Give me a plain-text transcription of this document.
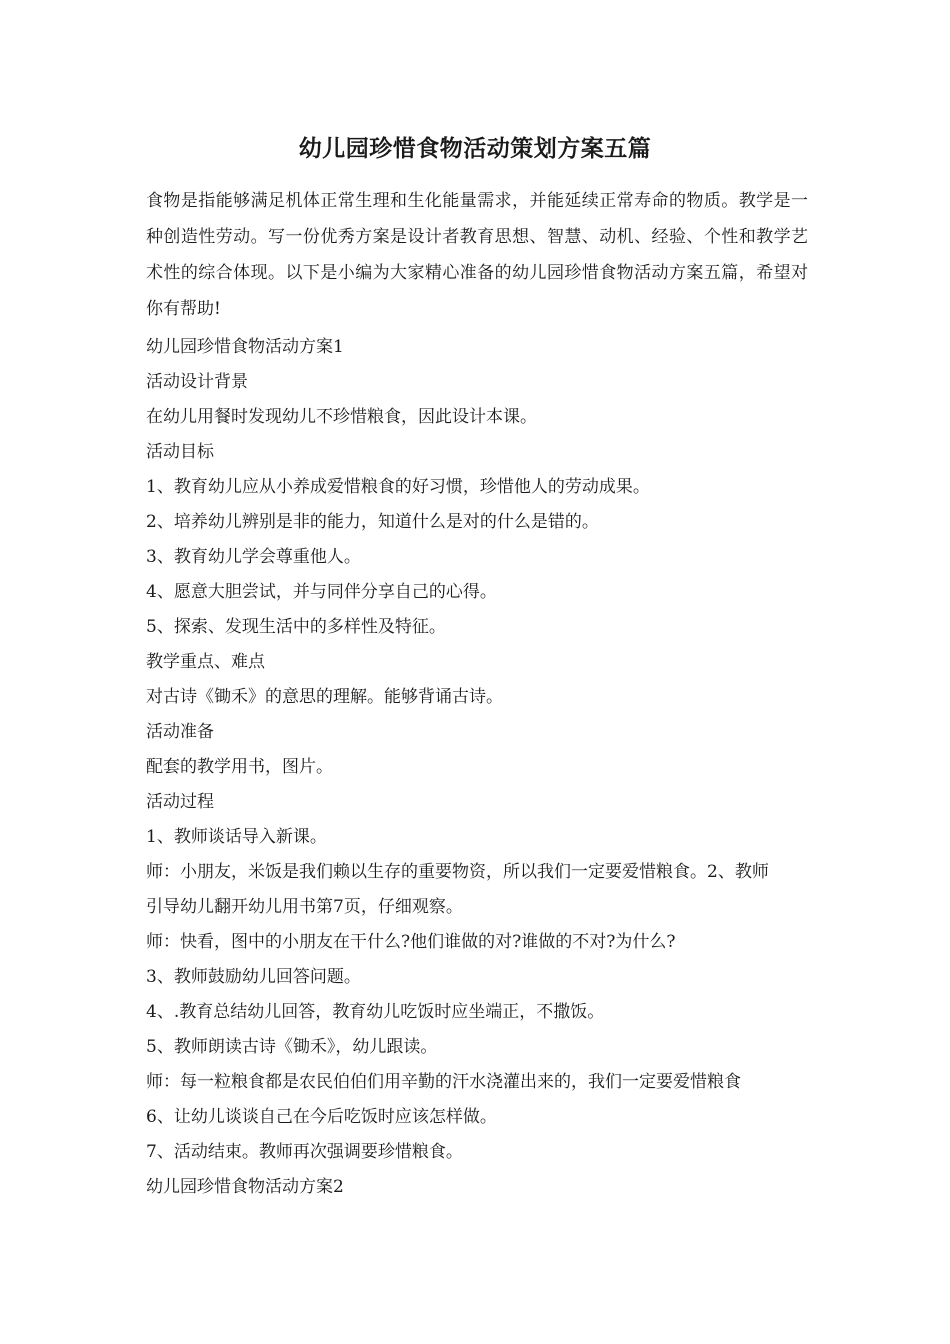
幼儿园珍惜食物活动策划方案五篇

食物是指能够满足机体正常生理和生化能量需求，并能延续正常寿命的物质。教学是一种创造性劳动。写一份优秀方案是设计者教育思想、智慧、动机、经验、个性和教学艺术性的综合体现。以下是小编为大家精心准备的幼儿园珍惜食物活动方案五篇，希望对你有帮助!

幼儿园珍惜食物活动方案1
活动设计背景
在幼儿用餐时发现幼儿不珍惜粮食，因此设计本课。
活动目标
1、教育幼儿应从小养成爱惜粮食的好习惯，珍惜他人的劳动成果。
2、培养幼儿辨别是非的能力，知道什么是对的什么是错的。
3、教育幼儿学会尊重他人。
4、愿意大胆尝试，并与同伴分享自己的心得。
5、探索、发现生活中的多样性及特征。
教学重点、难点
对古诗《锄禾》的意思的理解。能够背诵古诗。
活动准备
配套的教学用书，图片。
活动过程
1、教师谈话导入新课。
师：小朋友，米饭是我们赖以生存的重要物资，所以我们一定要爱惜粮食。2、教师
引导幼儿翻开幼儿用书第7页，仔细观察。
师：快看，图中的小朋友在干什么?他们谁做的对?谁做的不对?为什么?
3、教师鼓励幼儿回答问题。
4、.教育总结幼儿回答，教育幼儿吃饭时应坐端正，不撒饭。
5、教师朗读古诗《锄禾》，幼儿跟读。
师：每一粒粮食都是农民伯伯们用辛勤的汗水浇灌出来的，我们一定要爱惜粮食
6、让幼儿谈谈自己在今后吃饭时应该怎样做。
7、活动结束。教师再次强调要珍惜粮食。
幼儿园珍惜食物活动方案2
